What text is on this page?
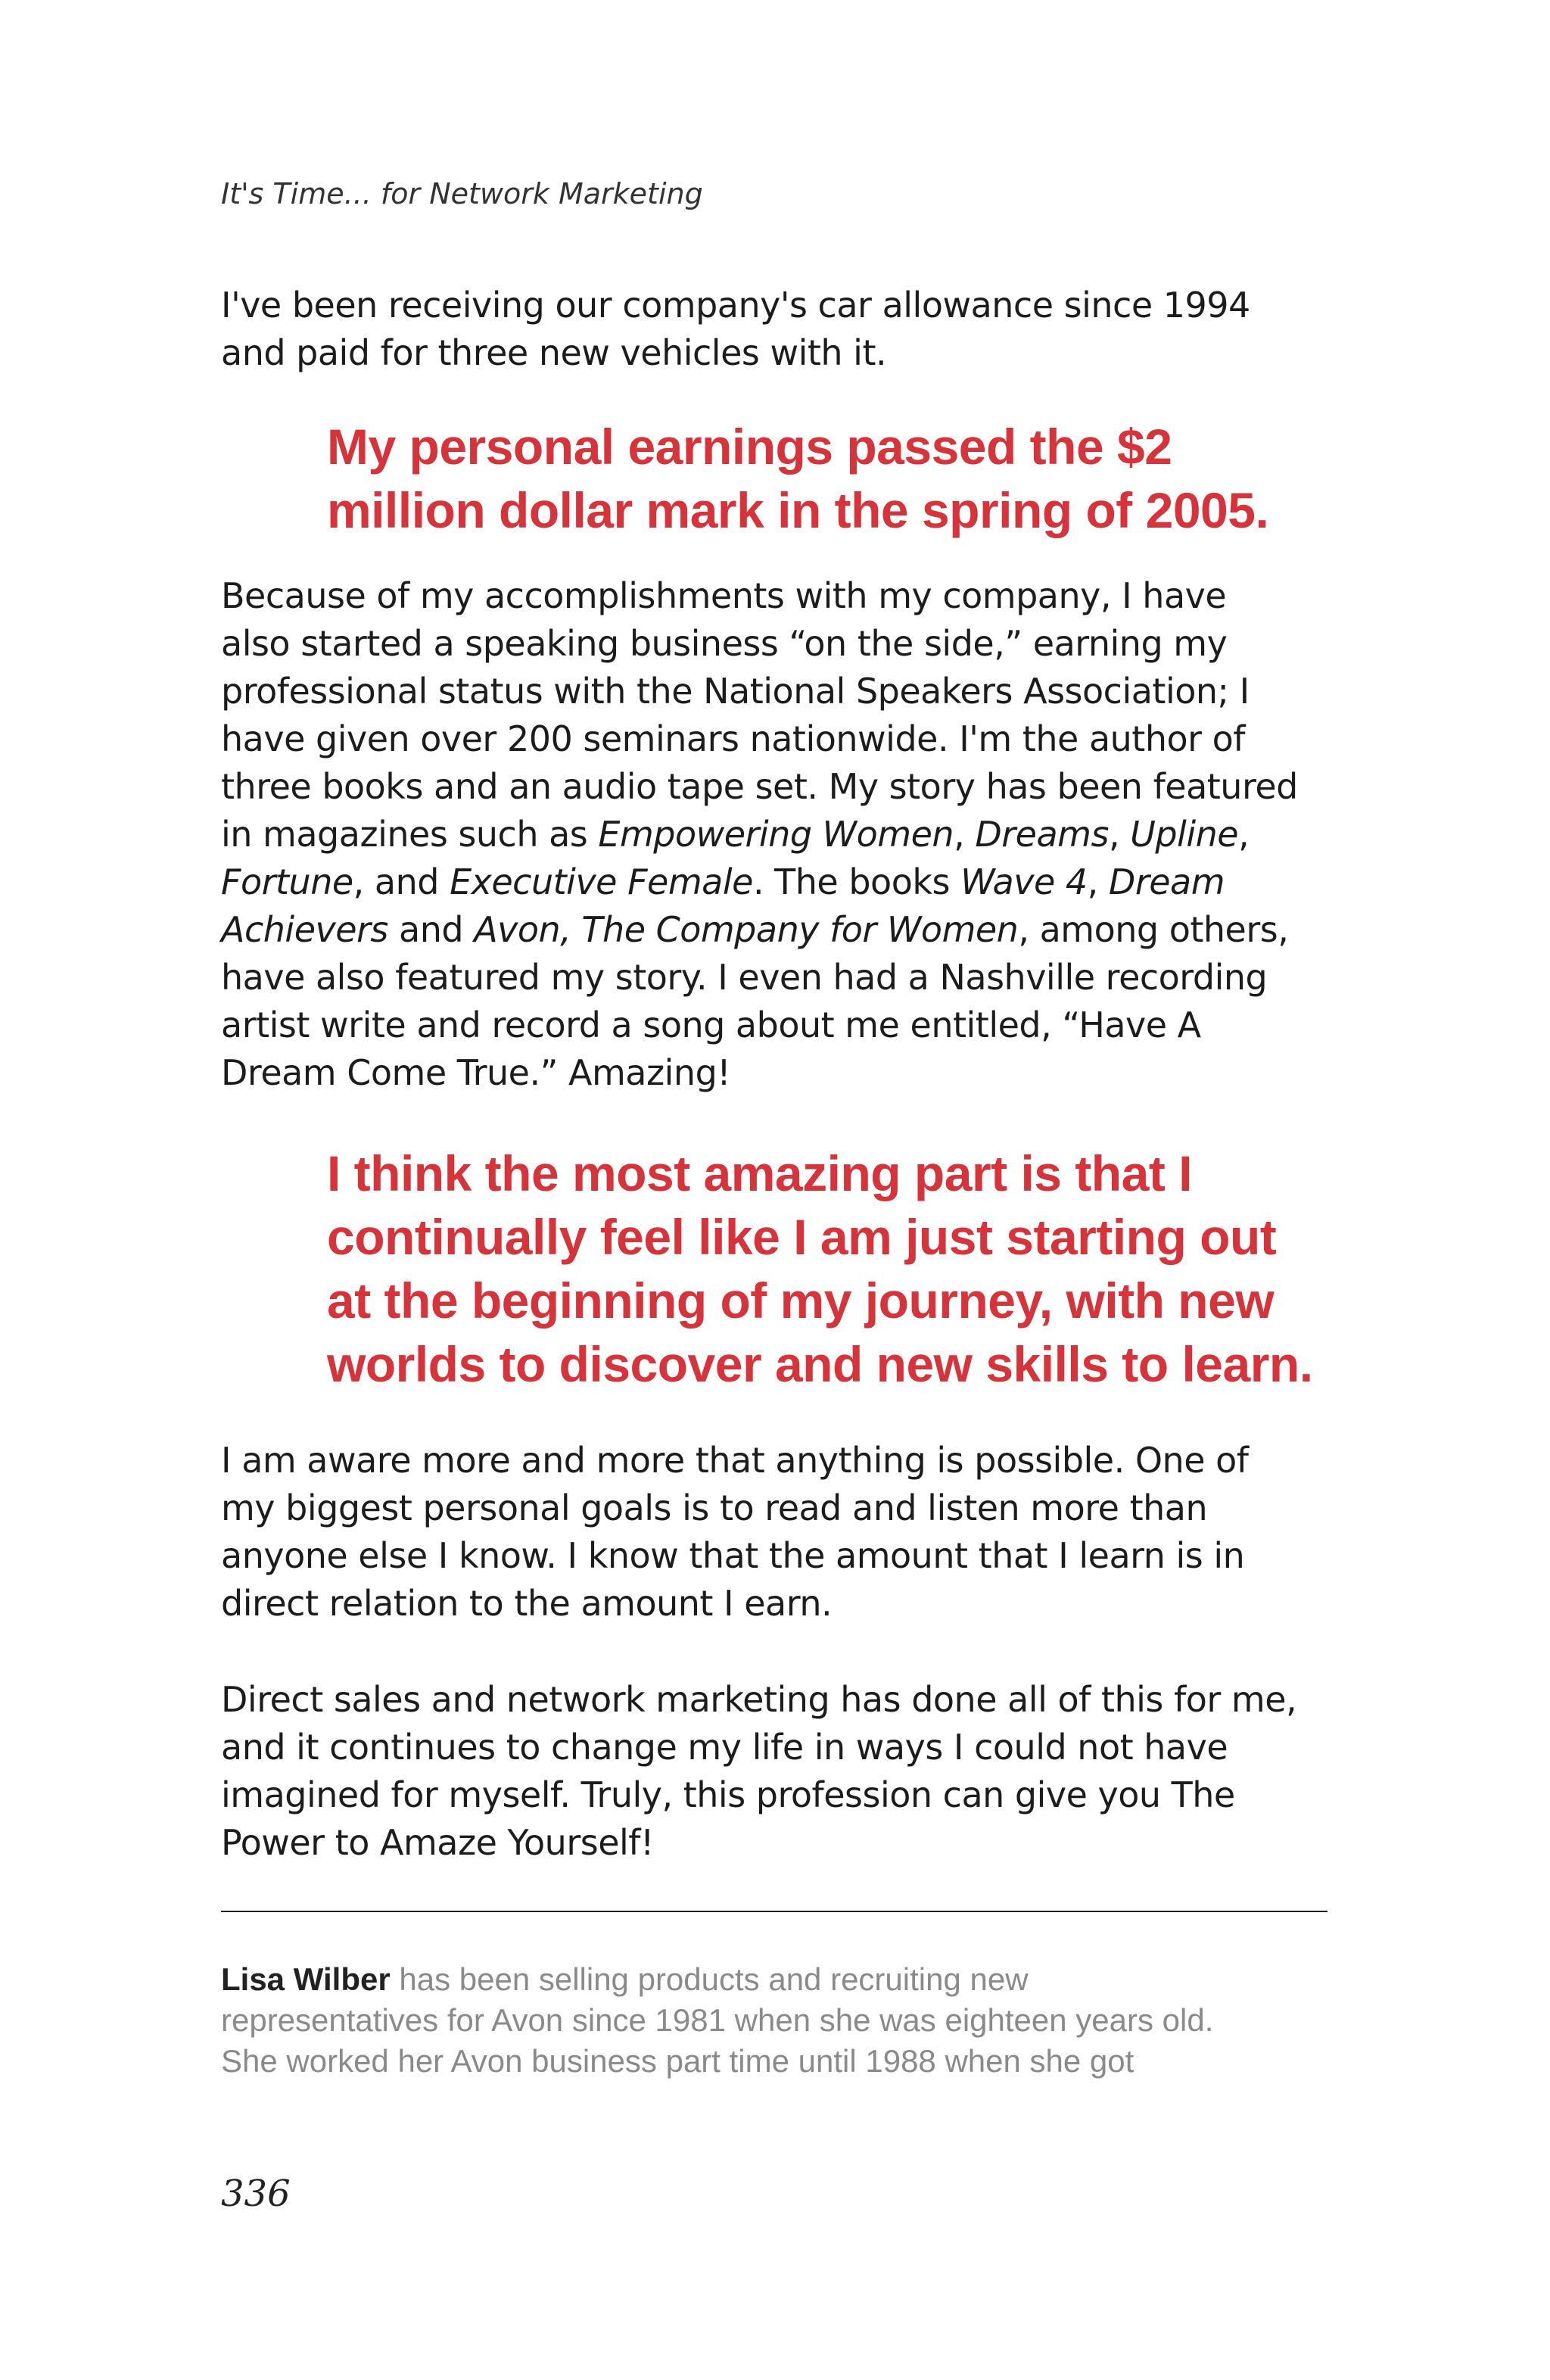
It's Time... for Network Marketing
I've been receiving our company's car allowance since 1994
and paid for three new vehicles with it.
My personal earnings passed the $2
million dollar mark in the spring of 2005.
Because of my accomplishments with my company, I have
also started a speaking business “on the side,” earning my
professional status with the National Speakers Association; I
have given over 200 seminars nationwide. I'm the author of
three books and an audio tape set. My story has been featured
in magazines such as Empowering Women, Dreams, Upline,
Fortune, and Executive Female. The books Wave 4, Dream
Achievers and Avon, The Company for Women, among others,
have also featured my story. I even had a Nashville recording
artist write and record a song about me entitled, “Have A
Dream Come True.” Amazing!
I think the most amazing part is that I
continually feel like I am just starting out
at the beginning of my journey, with new
worlds to discover and new skills to learn.
I am aware more and more that anything is possible. One of
my biggest personal goals is to read and listen more than
anyone else I know. I know that the amount that I learn is in
direct relation to the amount I earn.
Direct sales and network marketing has done all of this for me,
and it continues to change my life in ways I could not have
imagined for myself. Truly, this profession can give you The
Power to Amaze Yourself!
Lisa Wilber has been selling products and recruiting new
representatives for Avon since 1981 when she was eighteen years old.
She worked her Avon business part time until 1988 when she got
336
